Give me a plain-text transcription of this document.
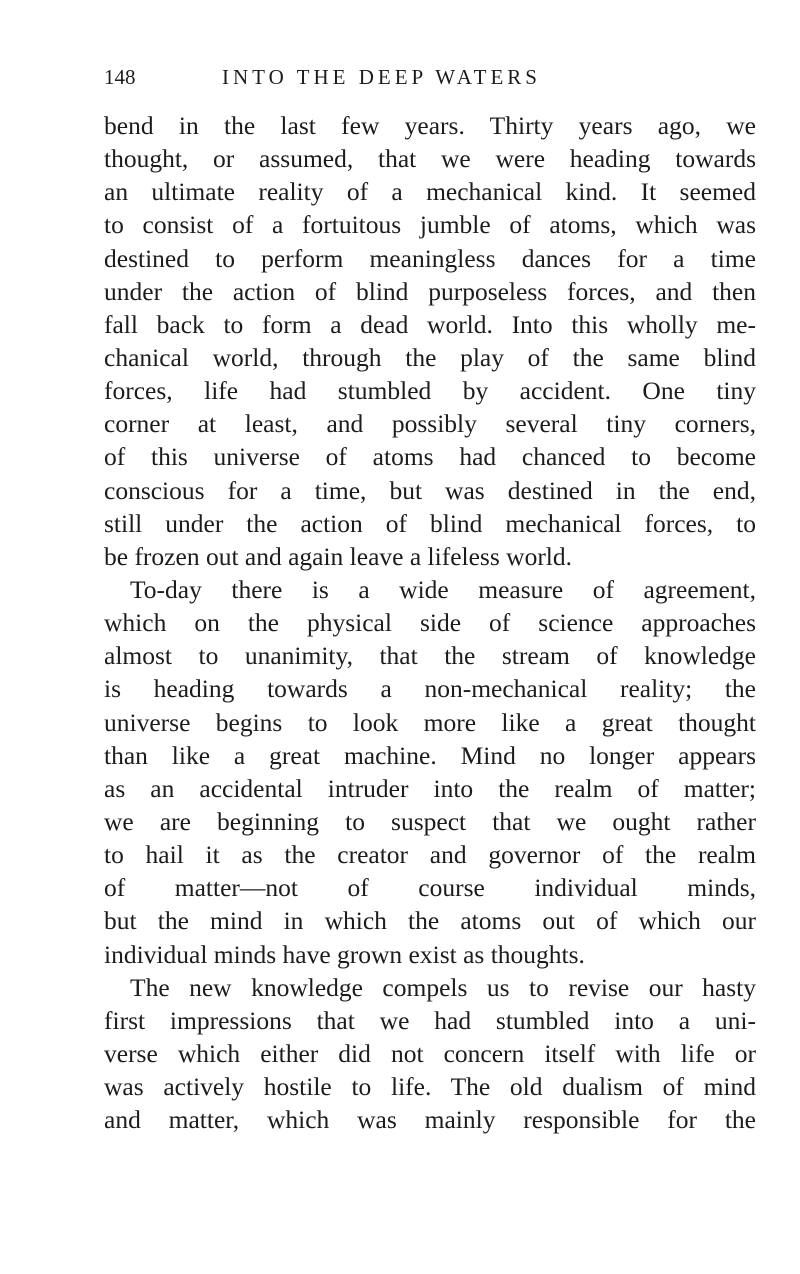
148	INTO THE DEEP WATERS
bend in the last few years. Thirty years ago, we
thought, or assumed, that we were heading towards
an ultimate reality of a mechanical kind. It seemed
to consist of a fortuitous jumble of atoms, which was
destined to perform meaningless dances for a time
under the action of blind purposeless forces, and then
fall back to form a dead world. Into this wholly me-
chanical world, through the play of the same blind
forces, life had stumbled by accident. One tiny
corner at least, and possibly several tiny corners,
of this universe of atoms had chanced to become
conscious for a time, but was destined in the end,
still under the action of blind mechanical forces, to
be frozen out and again leave a lifeless world.
To-day there is a wide measure of agreement,
which on the physical side of science approaches
almost to unanimity, that the stream of knowledge
is heading towards a non-mechanical reality; the
universe begins to look more like a great thought
than like a great machine. Mind no longer appears
as an accidental intruder into the realm of matter;
we are beginning to suspect that we ought rather
to hail it as the creator and governor of the realm
of matter—not of course individual minds,
but the mind in which the atoms out of which our
individual minds have grown exist as thoughts.
The new knowledge compels us to revise our hasty
first impressions that we had stumbled into a uni-
verse which either did not concern itself with life or
was actively hostile to life. The old dualism of mind
and matter, which was mainly responsible for the
